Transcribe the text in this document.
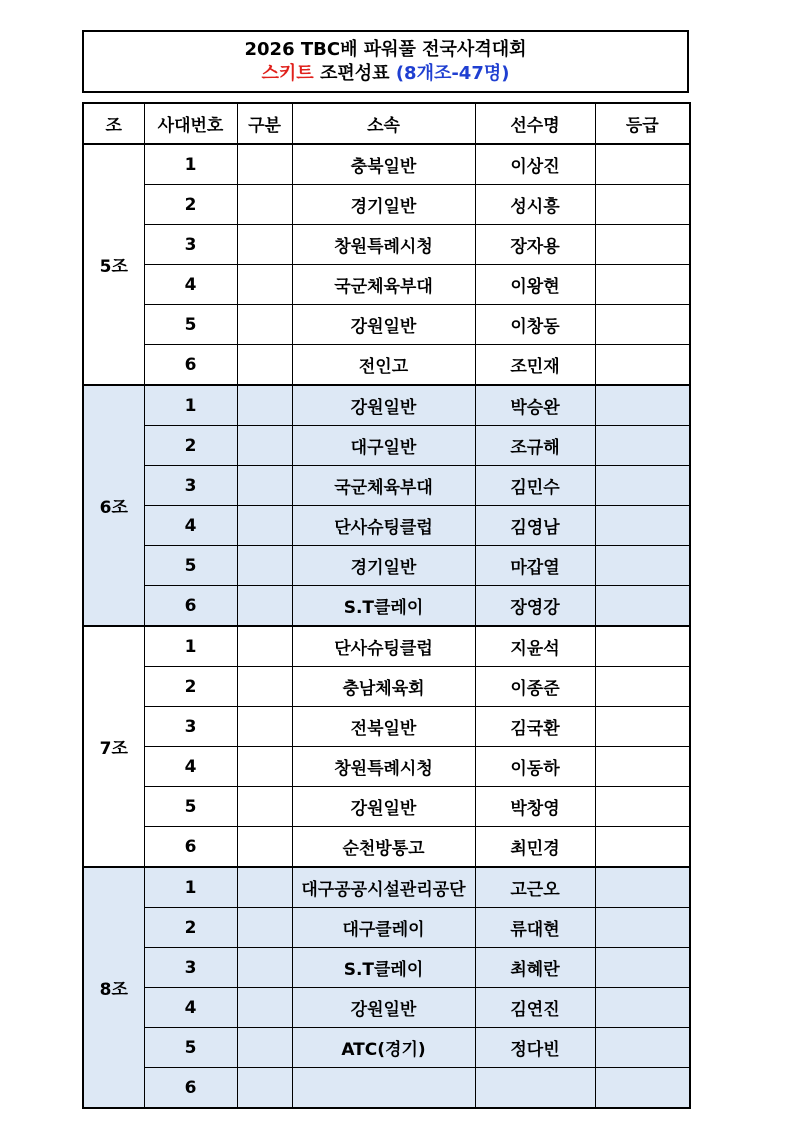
2026 TBC배 파워풀 전국사격대회
스키트 조편성표 (8개조-47명)
조	사대번호	구분	소속	선수명	등급
5조	1		충북일반	이상진	
	2		경기일반	성시흥	
	3		창원특례시청	장자용	
	4		국군체육부대	이왕현	
	5		강원일반	이창동	
	6		전인고	조민재	
6조	1		강원일반	박승완	
	2		대구일반	조규해	
	3		국군체육부대	김민수	
	4		단사슈팅클럽	김영남	
	5		경기일반	마갑열	
	6		S.T클레이	장영강	
7조	1		단사슈팅클럽	지윤석	
	2		충남체육회	이종준	
	3		전북일반	김국환	
	4		창원특례시청	이동하	
	5		강원일반	박창영	
	6		순천방통고	최민경	
8조	1		대구공공시설관리공단	고근오	
	2		대구클레이	류대현	
	3		S.T클레이	최혜란	
	4		강원일반	김연진	
	5		ATC(경기)	정다빈	
	6				
